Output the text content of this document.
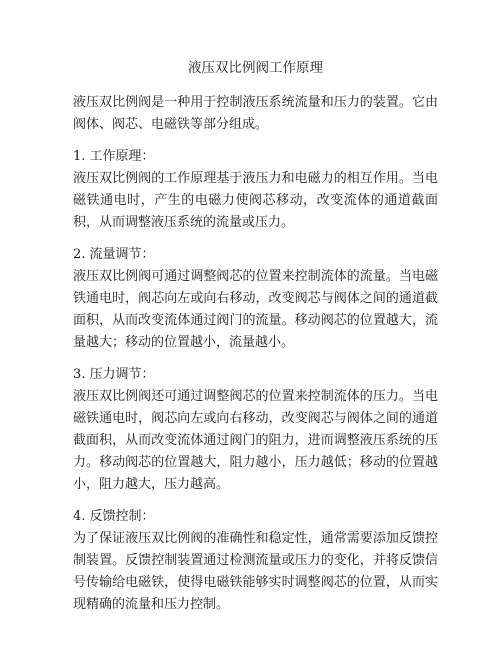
液压双比例阀工作原理
液压双比例阀是一种用于控制液压系统流量和压力的装置。它由阀体、阀芯、电磁铁等部分组成。
1. 工作原理：
液压双比例阀的工作原理基于液压力和电磁力的相互作用。当电磁铁通电时，产生的电磁力使阀芯移动，改变流体的通道截面积，从而调整液压系统的流量或压力。
2. 流量调节：
液压双比例阀可通过调整阀芯的位置来控制流体的流量。当电磁铁通电时，阀芯向左或向右移动，改变阀芯与阀体之间的通道截面积，从而改变流体通过阀门的流量。移动阀芯的位置越大，流量越大；移动的位置越小，流量越小。
3. 压力调节：
液压双比例阀还可通过调整阀芯的位置来控制流体的压力。当电磁铁通电时，阀芯向左或向右移动，改变阀芯与阀体之间的通道截面积，从而改变流体通过阀门的阻力，进而调整液压系统的压力。移动阀芯的位置越大，阻力越小，压力越低；移动的位置越小，阻力越大，压力越高。
4. 反馈控制：
为了保证液压双比例阀的准确性和稳定性，通常需要添加反馈控制装置。反馈控制装置通过检测流量或压力的变化，并将反馈信号传输给电磁铁，使得电磁铁能够实时调整阀芯的位置，从而实现精确的流量和压力控制。
